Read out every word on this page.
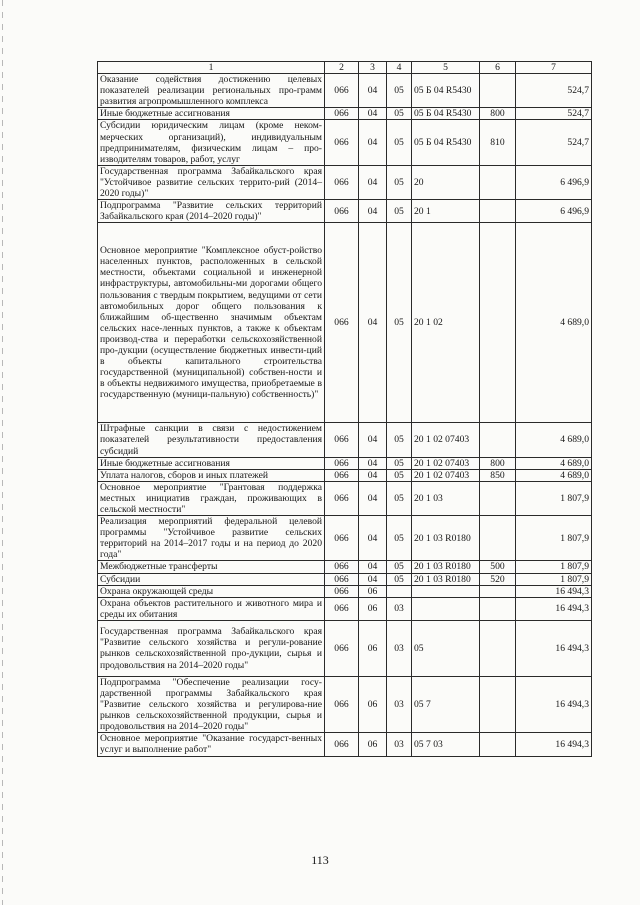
1	2	3	4	5	6	7
Оказание содействия достижению целевых показателей реализации региональных про-грамм развития агропромышленного комплекса	066	04	05	05 Б 04 R5430		524,7
Иные бюджетные ассигнования	066	04	05	05 Б 04 R5430	800	524,7
Субсидии юридическим лицам (кроме неком-мерческих организаций), индивидуальным предпринимателям, физическим лицам – про-изводителям товаров, работ, услуг	066	04	05	05 Б 04 R5430	810	524,7
Государственная программа Забайкальского края "Устойчивое развитие сельских террито-рий (2014–2020 годы)"	066	04	05	20		6 496,9
Подпрограмма "Развитие сельских территорий Забайкальского края (2014–2020 годы)"	066	04	05	20 1		6 496,9
Основное мероприятие "Комплексное обуст-ройство населенных пунктов, расположенных в сельской местности, объектами социальной и инженерной инфраструктуры, автомобильны-ми дорогами общего пользования с твердым покрытием, ведущими от сети автомобильных дорог общего пользования к ближайшим об-щественно значимым объектам сельских насе-ленных пунктов, а также к объектам производ-ства и переработки сельскохозяйственной про-дукции (осуществление бюджетных инвести-ций в объекты капитального строительства государственной (муниципальной) собствен-ности и в объекты недвижимого имущества, приобретаемые в государственную (муници-пальную) собственность)"	066	04	05	20 1 02		4 689,0
Штрафные санкции в связи с недостижением показателей результативности предоставления субсидий	066	04	05	20 1 02 07403		4 689,0
Иные бюджетные ассигнования	066	04	05	20 1 02 07403	800	4 689,0
Уплата налогов, сборов и иных платежей	066	04	05	20 1 02 07403	850	4 689,0
Основное мероприятие "Грантовая поддержка местных инициатив граждан, проживающих в сельской местности"	066	04	05	20 1 03		1 807,9
Реализация мероприятий федеральной целевой программы "Устойчивое развитие сельских территорий на 2014–2017 годы и на период до 2020 года"	066	04	05	20 1 03 R0180		1 807,9
Межбюджетные трансферты	066	04	05	20 1 03 R0180	500	1 807,9
Субсидии	066	04	05	20 1 03 R0180	520	1 807,9
Охрана окружающей среды	066	06				16 494,3
Охрана объектов растительного и животного мира и среды их обитания	066	06	03			16 494,3
Государственная программа Забайкальского края "Развитие сельского хозяйства и регули-рование рынков сельскохозяйственной про-дукции, сырья и продовольствия на 2014–2020 годы"	066	06	03	05		16 494,3
Подпрограмма "Обеспечение реализации госу-дарственной программы Забайкальского края "Развитие сельского хозяйства и регулирова-ние рынков сельскохозяйственной продукции, сырья и продовольствия на 2014–2020 годы"	066	06	03	05 7		16 494,3
Основное мероприятие "Оказание государст-венных услуг и выполнение работ"	066	06	03	05 7 03		16 494,3
113
